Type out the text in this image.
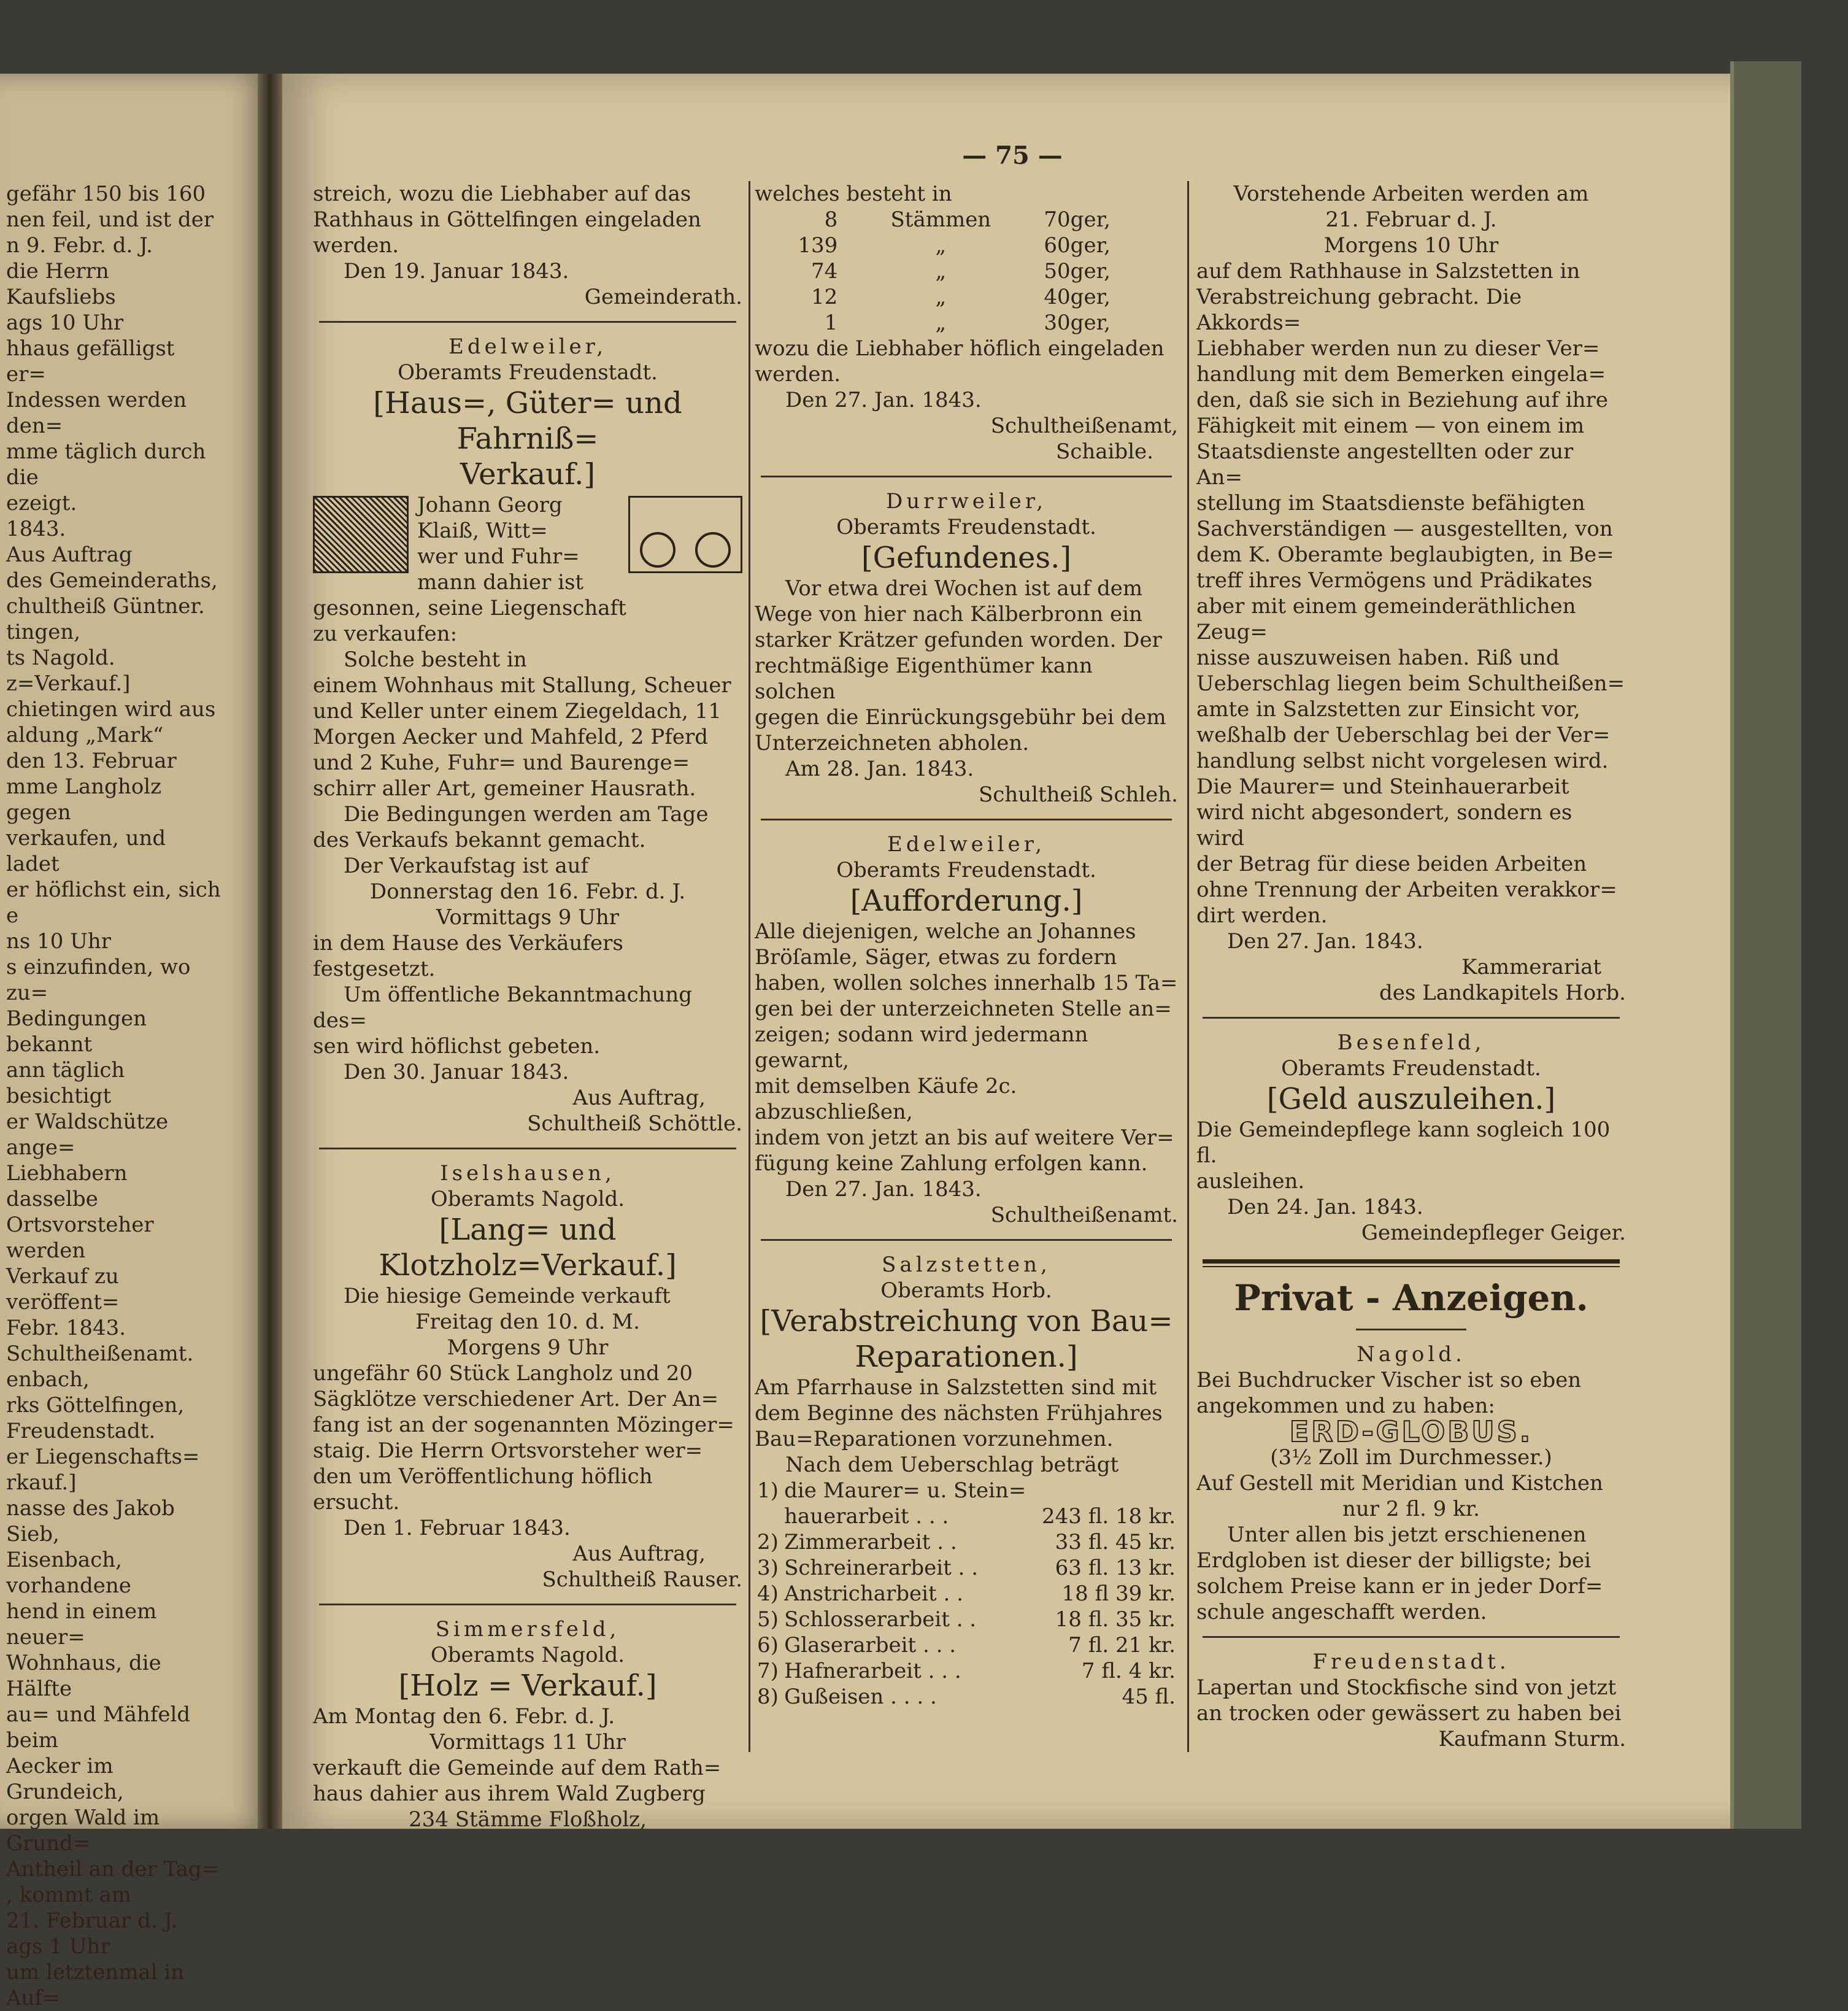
gefähr 150 bis 160

nen feil, und ist der

n 9. Febr. d. J.

die Herrn Kaufsliebs

ags 10 Uhr

hhaus gefälligst er=

Indessen werden den=

mme täglich durch die

ezeigt.

1843.

Aus Auftrag

des Gemeinderaths,

chultheiß Güntner.

tingen,

ts Nagold.

z=Verkauf.]

chietingen wird aus

aldung „Mark“

den 13. Februar

mme Langholz gegen

verkaufen, und ladet

er höflichst ein, sich

e

ns 10 Uhr

s einzufinden, wo zu=

Bedingungen bekannt

ann täglich besichtigt

er Waldschütze ange=

Liebhabern dasselbe

Ortsvorsteher werden

Verkauf zu veröffent=

Febr. 1843.

Schultheißenamt.

enbach,

rks Göttelfingen,

Freudenstadt.

er Liegenschafts=

rkauf.]

nasse des Jakob Sieb,

Eisenbach, vorhandene

hend in einem neuer=

Wohnhaus, die Hälfte

au= und Mähfeld beim

Aecker im Grundeich,

orgen Wald im Grund=

Antheil an der Tag=

, kommt am

21. Februar d. J.

ags 1 Uhr

um letztenmal in Auf=

— 75 —

streich, wozu die Liebhaber auf das

Rathhaus in Göttelfingen eingeladen

werden.

Den 19. Januar 1843.

Gemeinderath.

Edelweiler,

Oberamts Freudenstadt.

[Haus=, Güter= und Fahrniß=

Verkauf.]

Johann Georg Klaiß, Witt=

wer und Fuhr=

mann dahier ist

gesonnen, seine Liegenschaft

zu verkaufen:

Solche besteht in

einem Wohnhaus mit Stallung, Scheuer

und Keller unter einem Ziegeldach, 11

Morgen Aecker und Mahfeld, 2 Pferd

und 2 Kuhe, Fuhr= und Baurenge=

schirr aller Art, gemeiner Hausrath.

Die Bedingungen werden am Tage

des Verkaufs bekannt gemacht.

Der Verkaufstag ist auf

Donnerstag den 16. Febr. d. J.

Vormittags 9 Uhr

in dem Hause des Verkäufers festgesetzt.

Um öffentliche Bekanntmachung des=

sen wird höflichst gebeten.

Den 30. Januar 1843.

Aus Auftrag,

Schultheiß Schöttle.

Iselshausen,

Oberamts Nagold.

[Lang= und Klotzholz=Verkauf.]

Die hiesige Gemeinde verkauft

Freitag den 10. d. M.

Morgens 9 Uhr

ungefähr 60 Stück Langholz und 20

Sägklötze verschiedener Art. Der An=

fang ist an der sogenannten Mözinger=

staig. Die Herrn Ortsvorsteher wer=

den um Veröffentlichung höflich ersucht.

Den 1. Februar 1843.

Aus Auftrag,

Schultheiß Rauser.

Simmersfeld,

Oberamts Nagold.

[Holz = Verkauf.]

Am Montag den 6. Febr. d. J.

Vormittags 11 Uhr

verkauft die Gemeinde auf dem Rath=

haus dahier aus ihrem Wald Zugberg

234 Stämme Floßholz,

welches besteht in

8	Stämmen	70ger,
139	„	60ger,
74	„	50ger,
12	„	40ger,
1	„	30ger,

wozu die Liebhaber höflich eingeladen

werden.

Den 27. Jan. 1843.

Schultheißenamt,

Schaible.

Durrweiler,

Oberamts Freudenstadt.

[Gefundenes.]

Vor etwa drei Wochen ist auf dem

Wege von hier nach Kälberbronn ein

starker Krätzer gefunden worden. Der

rechtmäßige Eigenthümer kann solchen

gegen die Einrückungsgebühr bei dem

Unterzeichneten abholen.

Am 28. Jan. 1843.

Schultheiß Schleh.

Edelweiler,

Oberamts Freudenstadt.

[Aufforderung.]

Alle diejenigen, welche an Johannes

Bröſamle, Säger, etwas zu fordern

haben, wollen solches innerhalb 15 Ta=

gen bei der unterzeichneten Stelle an=

zeigen; sodann wird jedermann gewarnt,

mit demselben Käufe 2c. abzuschließen,

indem von jetzt an bis auf weitere Ver=

fügung keine Zahlung erfolgen kann.

Den 27. Jan. 1843.

Schultheißenamt.

Salzstetten,

Oberamts Horb.

[Verabstreichung von Bau=

Reparationen.]

Am Pfarrhause in Salzstetten sind mit

dem Beginne des nächsten Frühjahres

Bau=Reparationen vorzunehmen.

Nach dem Ueberschlag beträgt

1)	die Maurer= u. Stein=	
	hauerarbeit . . .	243 fl. 18 kr.
2)	Zimmerarbeit . .	33 fl. 45 kr.
3)	Schreinerarbeit . .	63 fl. 13 kr.
4)	Anstricharbeit . .	18 fl 39 kr.
5)	Schlosserarbeit . .	18 fl. 35 kr.
6)	Glaserarbeit . . .	7 fl. 21 kr.
7)	Hafnerarbeit . . .	7 fl. 4 kr.
8)	Gußeisen . . . .	45 fl.

Vorstehende Arbeiten werden am

21. Februar d. J.

Morgens 10 Uhr

auf dem Rathhause in Salzstetten in

Verabstreichung gebracht. Die Akkords=

Liebhaber werden nun zu dieser Ver=

handlung mit dem Bemerken eingela=

den, daß sie sich in Beziehung auf ihre

Fähigkeit mit einem — von einem im

Staatsdienste angestellten oder zur An=

stellung im Staatsdienste befähigten

Sachverständigen — ausgestellten, von

dem K. Oberamte beglaubigten, in Be=

treff ihres Vermögens und Prädikates

aber mit einem gemeinderäthlichen Zeug=

nisse auszuweisen haben. Riß und

Ueberschlag liegen beim Schultheißen=

amte in Salzstetten zur Einsicht vor,

weßhalb der Ueberschlag bei der Ver=

handlung selbst nicht vorgelesen wird.

Die Maurer= und Steinhauerarbeit

wird nicht abgesondert, sondern es wird

der Betrag für diese beiden Arbeiten

ohne Trennung der Arbeiten verakkor=

dirt werden.

Den 27. Jan. 1843.

Kammerariat

des Landkapitels Horb.

Besenfeld,

Oberamts Freudenstadt.

[Geld auszuleihen.]

Die Gemeindepflege kann sogleich 100 fl.

ausleihen.

Den 24. Jan. 1843.

Gemeindepfleger Geiger.

Privat - Anzeigen.

Nagold.

Bei Buchdrucker Vischer ist so eben

angekommen und zu haben:

ERD-GLOBUS.

(3½ Zoll im Durchmesser.)

Auf Gestell mit Meridian und Kistchen

nur 2 fl. 9 kr.

Unter allen bis jetzt erschienenen

Erdgloben ist dieser der billigste; bei

solchem Preise kann er in jeder Dorf=

schule angeschafft werden.

Freudenstadt.

Lapertan und Stockfische sind von jetzt

an trocken oder gewässert zu haben bei

Kaufmann Sturm.
